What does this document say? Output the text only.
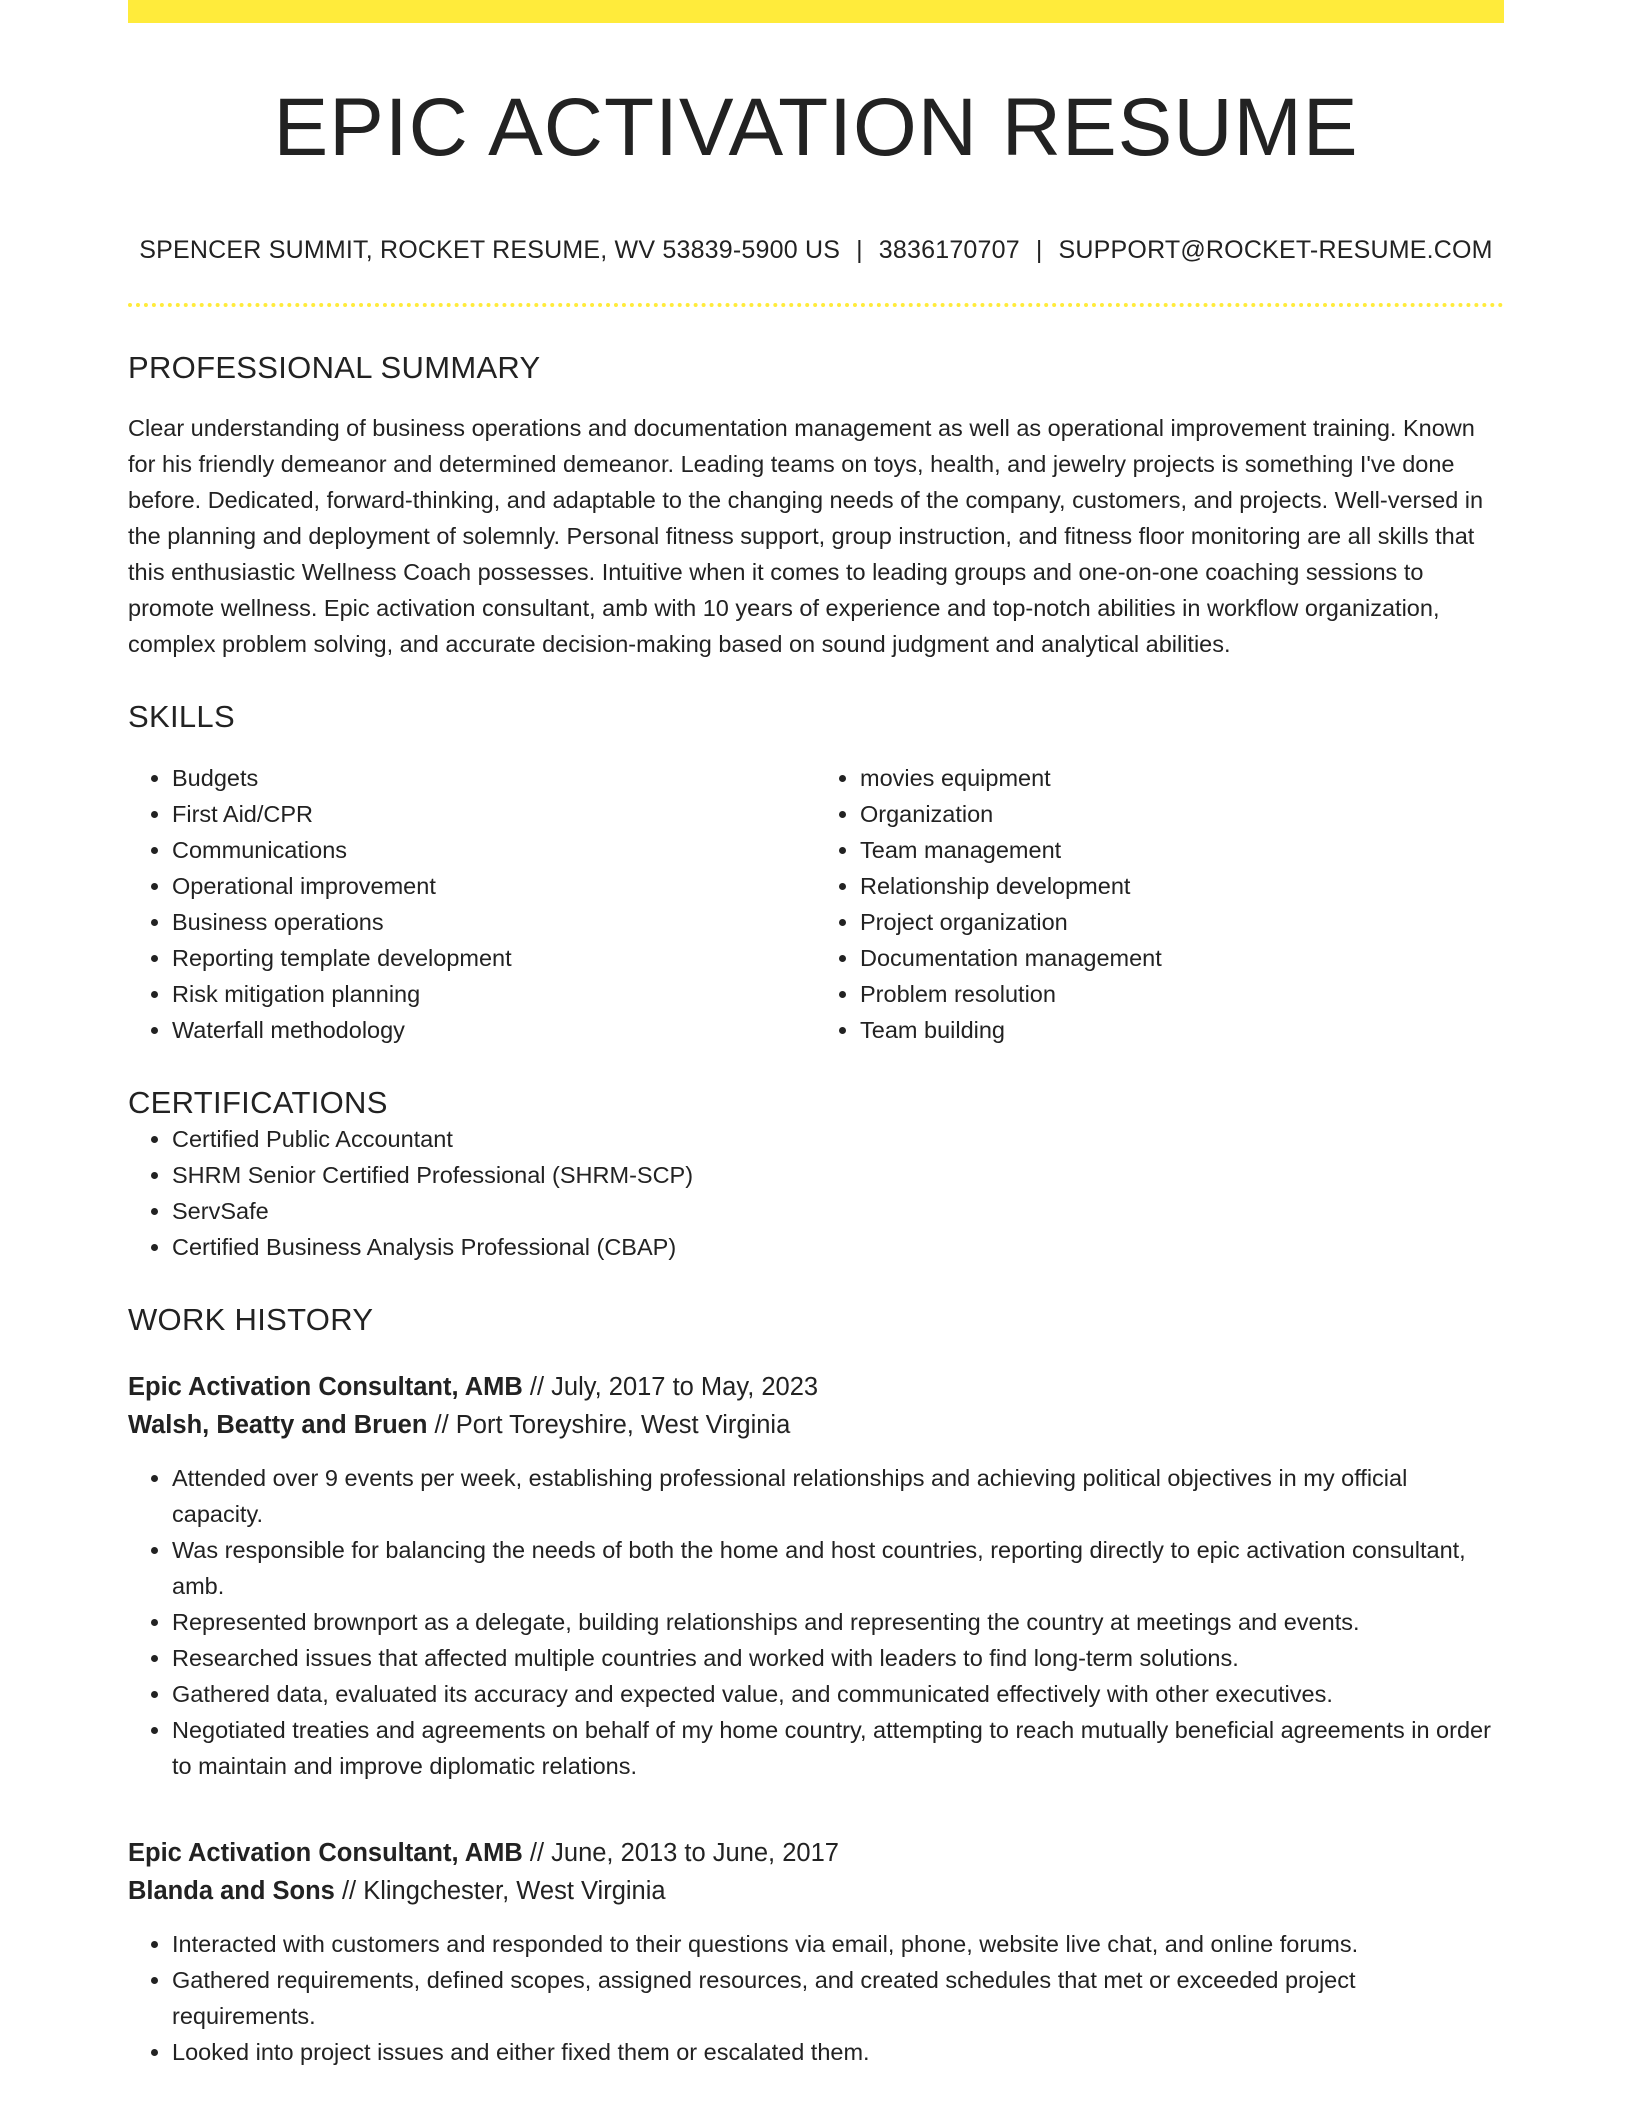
EPIC ACTIVATION RESUME
SPENCER SUMMIT, ROCKET RESUME, WV 53839-5900 US | 3836170707 | SUPPORT@ROCKET-RESUME.COM
PROFESSIONAL SUMMARY
Clear understanding of business operations and documentation management as well as operational improvement training. Known for his friendly demeanor and determined demeanor. Leading teams on toys, health, and jewelry projects is something I've done before. Dedicated, forward-thinking, and adaptable to the changing needs of the company, customers, and projects. Well-versed in the planning and deployment of solemnly. Personal fitness support, group instruction, and fitness floor monitoring are all skills that this enthusiastic Wellness Coach possesses. Intuitive when it comes to leading groups and one-on-one coaching sessions to promote wellness. Epic activation consultant, amb with 10 years of experience and top-notch abilities in workflow organization, complex problem solving, and accurate decision-making based on sound judgment and analytical abilities.
SKILLS
• Budgets
• First Aid/CPR
• Communications
• Operational improvement
• Business operations
• Reporting template development
• Risk mitigation planning
• Waterfall methodology
• movies equipment
• Organization
• Team management
• Relationship development
• Project organization
• Documentation management
• Problem resolution
• Team building
CERTIFICATIONS
• Certified Public Accountant
• SHRM Senior Certified Professional (SHRM-SCP)
• ServSafe
• Certified Business Analysis Professional (CBAP)
WORK HISTORY
Epic Activation Consultant, AMB // July, 2017 to May, 2023
Walsh, Beatty and Bruen // Port Toreyshire, West Virginia
• Attended over 9 events per week, establishing professional relationships and achieving political objectives in my official capacity.
• Was responsible for balancing the needs of both the home and host countries, reporting directly to epic activation consultant, amb.
• Represented brownport as a delegate, building relationships and representing the country at meetings and events.
• Researched issues that affected multiple countries and worked with leaders to find long-term solutions.
• Gathered data, evaluated its accuracy and expected value, and communicated effectively with other executives.
• Negotiated treaties and agreements on behalf of my home country, attempting to reach mutually beneficial agreements in order to maintain and improve diplomatic relations.
Epic Activation Consultant, AMB // June, 2013 to June, 2017
Blanda and Sons // Klingchester, West Virginia
• Interacted with customers and responded to their questions via email, phone, website live chat, and online forums.
• Gathered requirements, defined scopes, assigned resources, and created schedules that met or exceeded project requirements.
• Looked into project issues and either fixed them or escalated them.
